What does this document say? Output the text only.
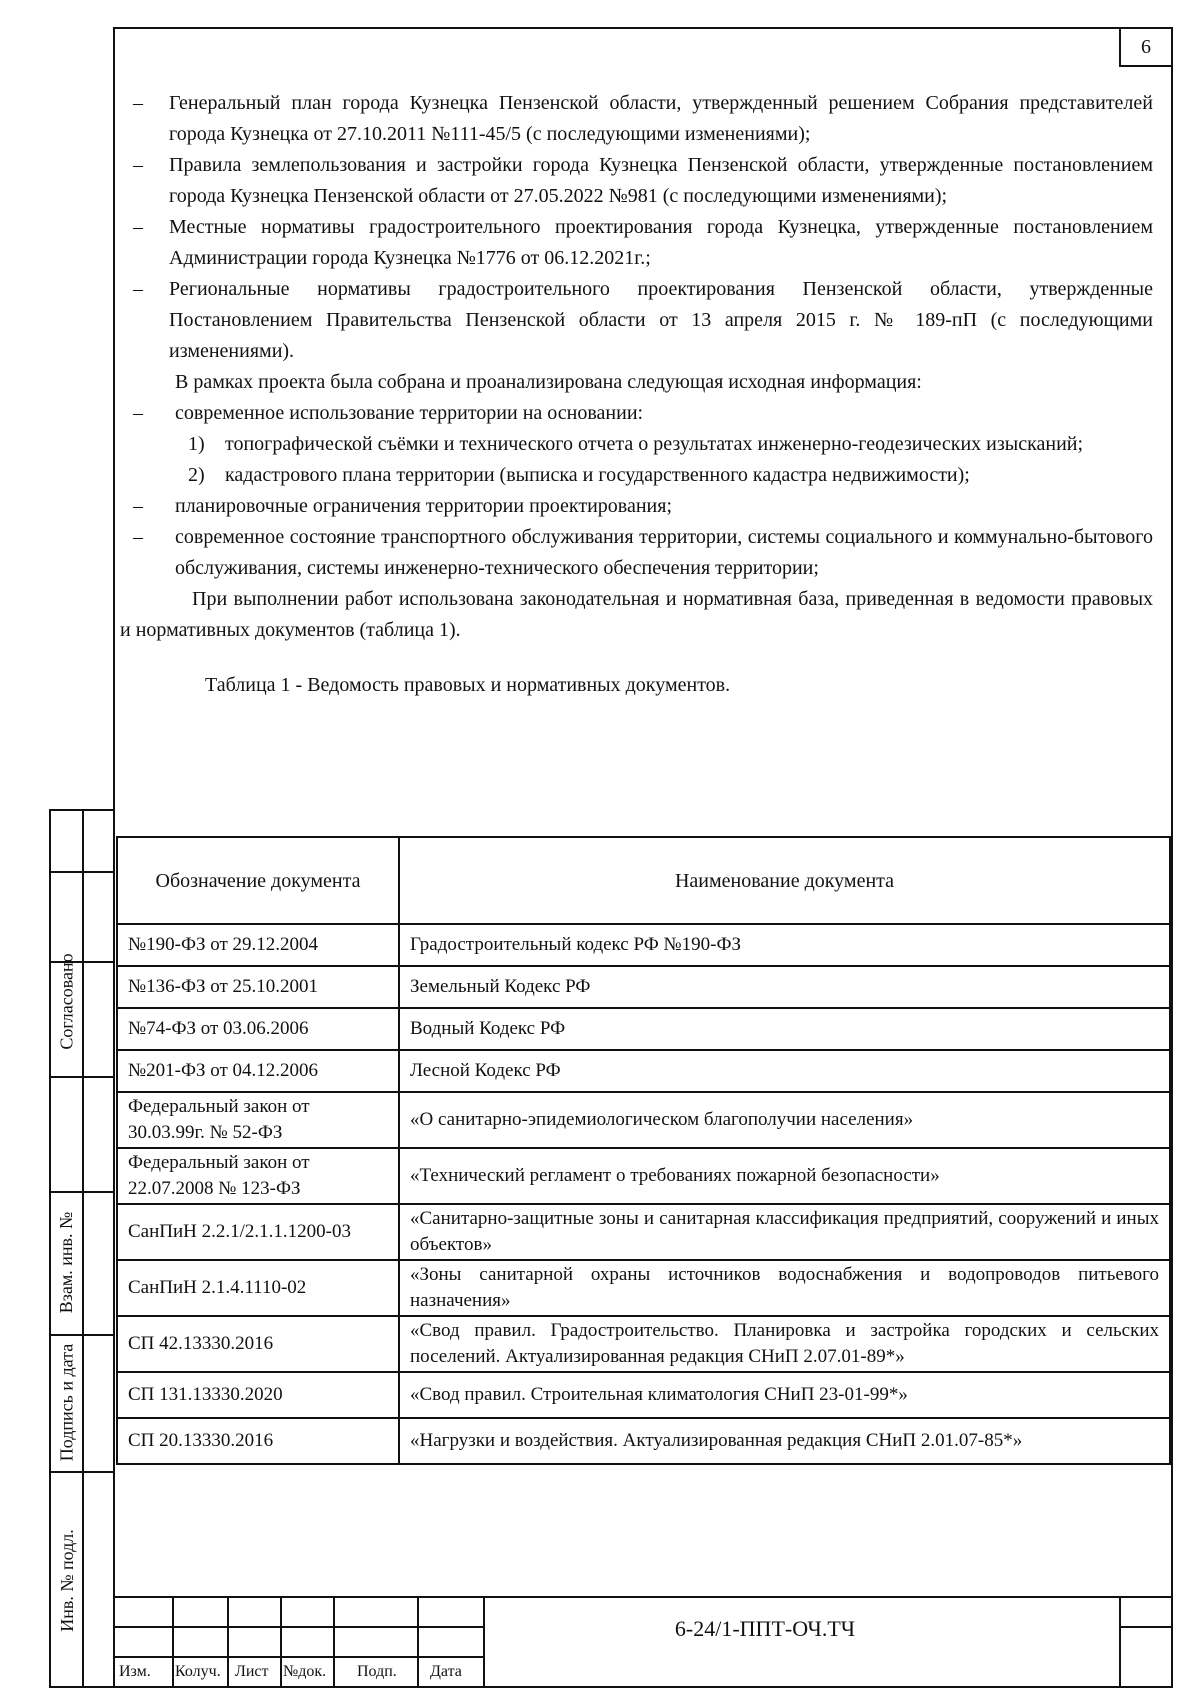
6

– Генеральный план города Кузнецка Пензенской области, утвержденный решением Собрания представителей города Кузнецка от 27.10.2011 №111-45/5 (с последующими изменениями);

– Правила землепользования и застройки города Кузнецка Пензенской области, утвержденные постановлением города Кузнецка Пензенской области от 27.05.2022 №981 (с последующими изменениями);

– Местные нормативы градостроительного проектирования города Кузнецка, утвержденные постановлением Администрации города Кузнецка №1776 от 06.12.2021г.;

– Региональные нормативы градостроительного проектирования Пензенской области, утвержденные Постановлением Правительства Пензенской области от 13 апреля 2015 г. № 189-пП (с последующими изменениями).

В рамках проекта была собрана и проанализирована следующая исходная информация:

– современное использование территории на основании:

1) топографической съёмки и технического отчета о результатах инженерно-геодезических изысканий;

2) кадастрового плана территории (выписка и государственного кадастра недвижимости);

– планировочные ограничения территории проектирования;

– современное состояние транспортного обслуживания территории, системы социального и коммунально-бытового обслуживания, системы инженерно-технического обеспечения территории;

При выполнении работ использована законодательная и нормативная база, приведенная в ведомости правовых и нормативных документов (таблица 1).

Таблица 1 - Ведомость правовых и нормативных документов.
Обозначение документа	Наименование документа
№190-ФЗ от 29.12.2004	Градостроительный кодекс РФ №190-ФЗ
№136-ФЗ от 25.10.2001	Земельный Кодекс РФ
№74-ФЗ от 03.06.2006	Водный Кодекс РФ
№201-ФЗ от 04.12.2006	Лесной Кодекс РФ
Федеральный закон от 30.03.99г. № 52-ФЗ	«О санитарно-эпидемиологическом благополучии населения»
Федеральный закон от 22.07.2008 № 123-ФЗ	«Технический регламент о требованиях пожарной безопасности»
СанПиН 2.2.1/2.1.1.1200-03	«Санитарно-защитные зоны и санитарная классификация предприятий, сооружений и иных объектов»
СанПиН 2.1.4.1110-02	«Зоны санитарной охраны источников водоснабжения и водопроводов питьевого назначения»
СП 42.13330.2016	«Свод правил. Градостроительство. Планировка и застройка городских и сельских поселений. Актуализированная редакция СНиП 2.07.01-89*»
СП 131.13330.2020	«Свод правил. Строительная климатология СНиП 23-01-99*»
СП 20.13330.2016	«Нагрузки и воздействия. Актуализированная редакция СНиП 2.01.07-85*»
Согласовано
Взам. инв. №
Подпись и дата
Инв. № подл.
Изм. Колуч. Лист №док. Подп. Дата
6-24/1-ППТ-ОЧ.ТЧ
